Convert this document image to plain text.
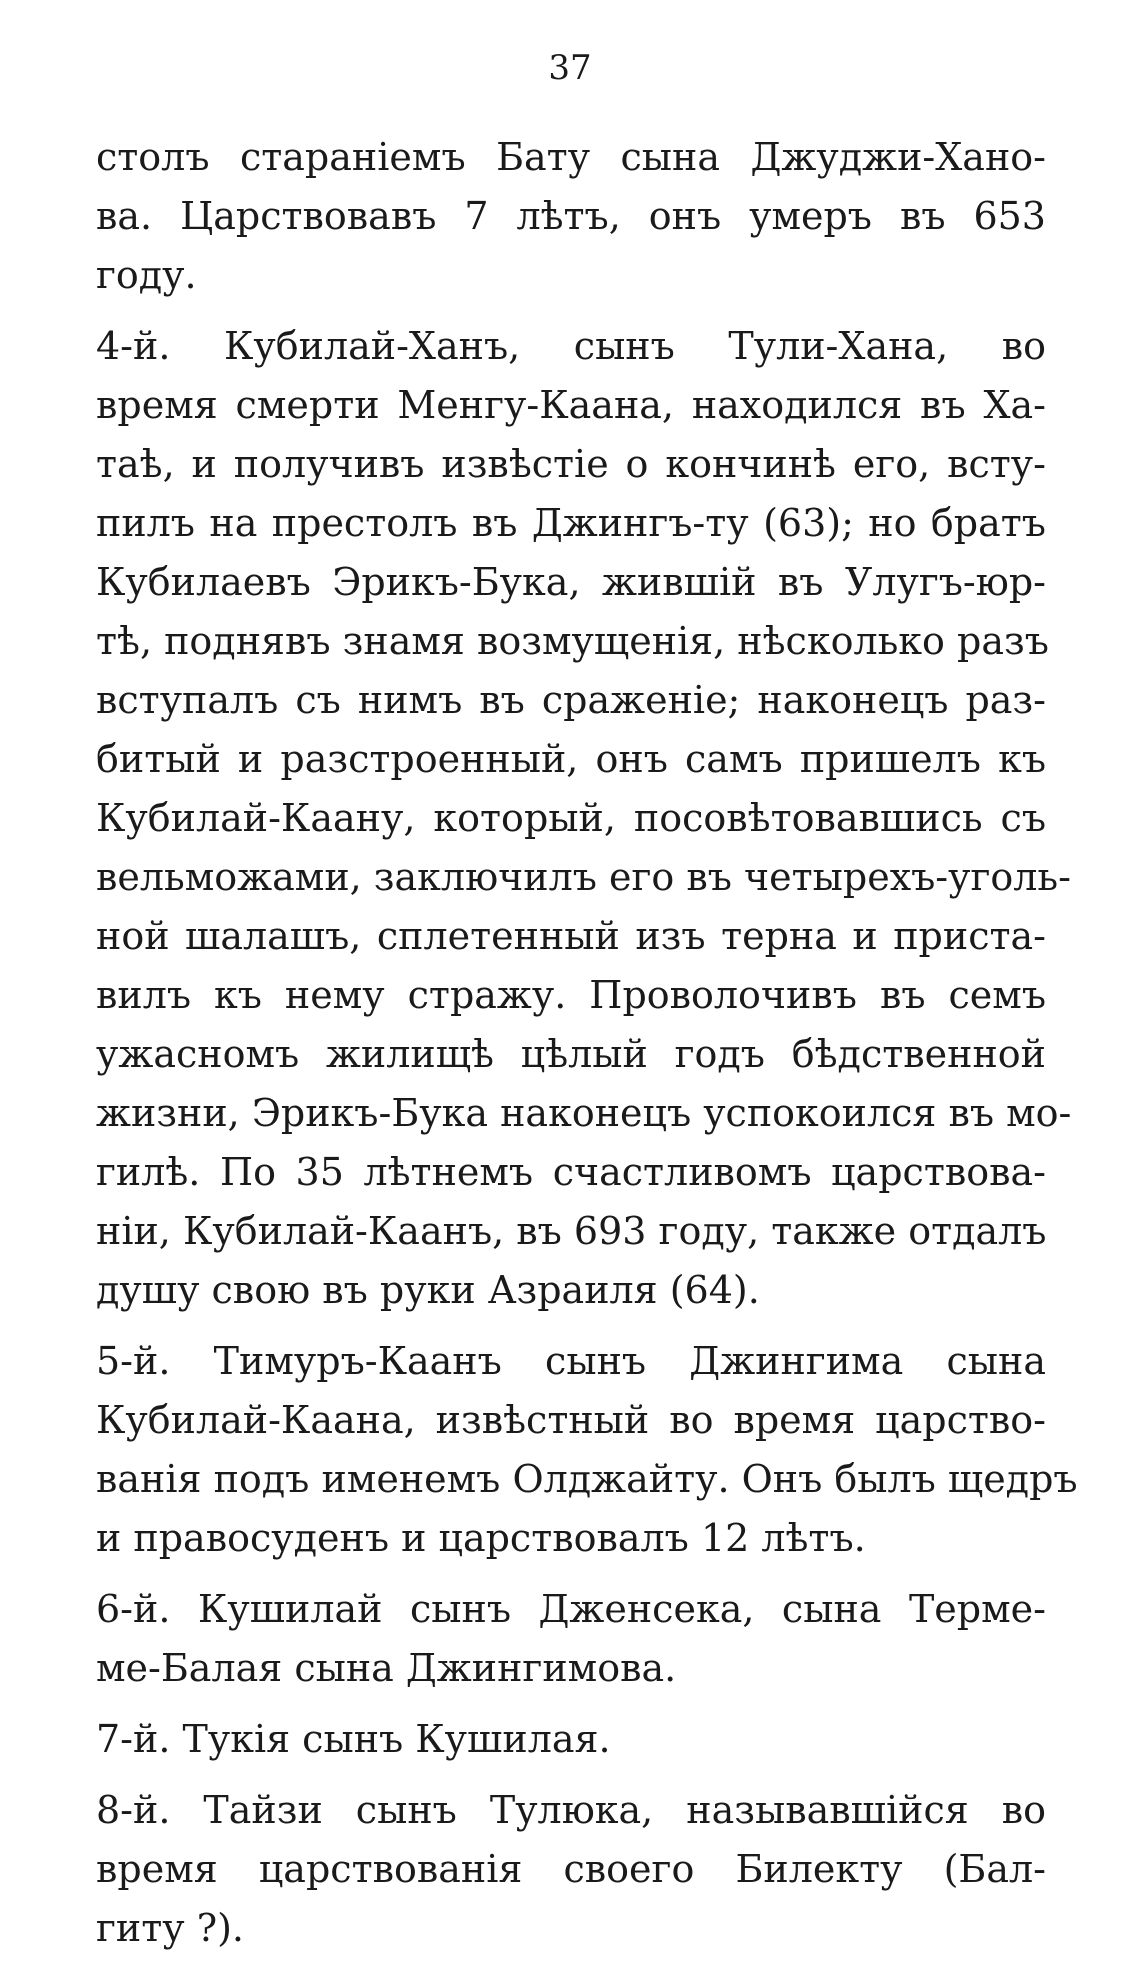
37

столъ стараніемъ Бату сына Джуджи-Хано-
ва. Царствовавъ 7 лѣтъ, онъ умеръ въ 653
году.

4-й. Кубилай-Ханъ, сынъ Тули-Хана, во
время смерти Менгу-Каана, находился въ Ха-
таѣ, и получивъ извѣстіе о кончинѣ его, всту-
пилъ на престолъ въ Джингъ-ту (63); но братъ
Кубилаевъ Эрикъ-Бука, жившій въ Улугъ-юр-
тѣ, поднявъ знамя возмущенія, нѣсколько разъ
вступалъ съ нимъ въ сраженіе; наконецъ раз-
битый и разстроенный, онъ самъ пришелъ къ
Кубилай-Каану, который, посовѣтовавшись съ
вельможами, заключилъ его въ четырехъ-уголь-
ной шалашъ, сплетенный изъ терна и приста-
вилъ къ нему стражу. Проволочивъ въ семъ
ужасномъ жилищѣ цѣлый годъ бѣдственной
жизни, Эрикъ-Бука наконецъ успокоился въ мо-
гилѣ. По 35 лѣтнемъ счастливомъ царствова-
ніи, Кубилай-Каанъ, въ 693 году, также отдалъ
душу свою въ руки Азраиля (64).

5-й. Тимуръ-Каанъ сынъ Джингима сына
Кубилай-Каана, извѣстный во время царство-
ванія подъ именемъ Олджайту. Онъ былъ щедръ
и правосуденъ и царствовалъ 12 лѣтъ.

6-й. Кушилай сынъ Дженсека, сына Терме-
ме-Балая сына Джингимова.

7-й. Тукія сынъ Кушилая.

8-й. Тайзи сынъ Тулюка, называвшійся во
время царствованія своего Билекту (Бал-
гиту ?).
